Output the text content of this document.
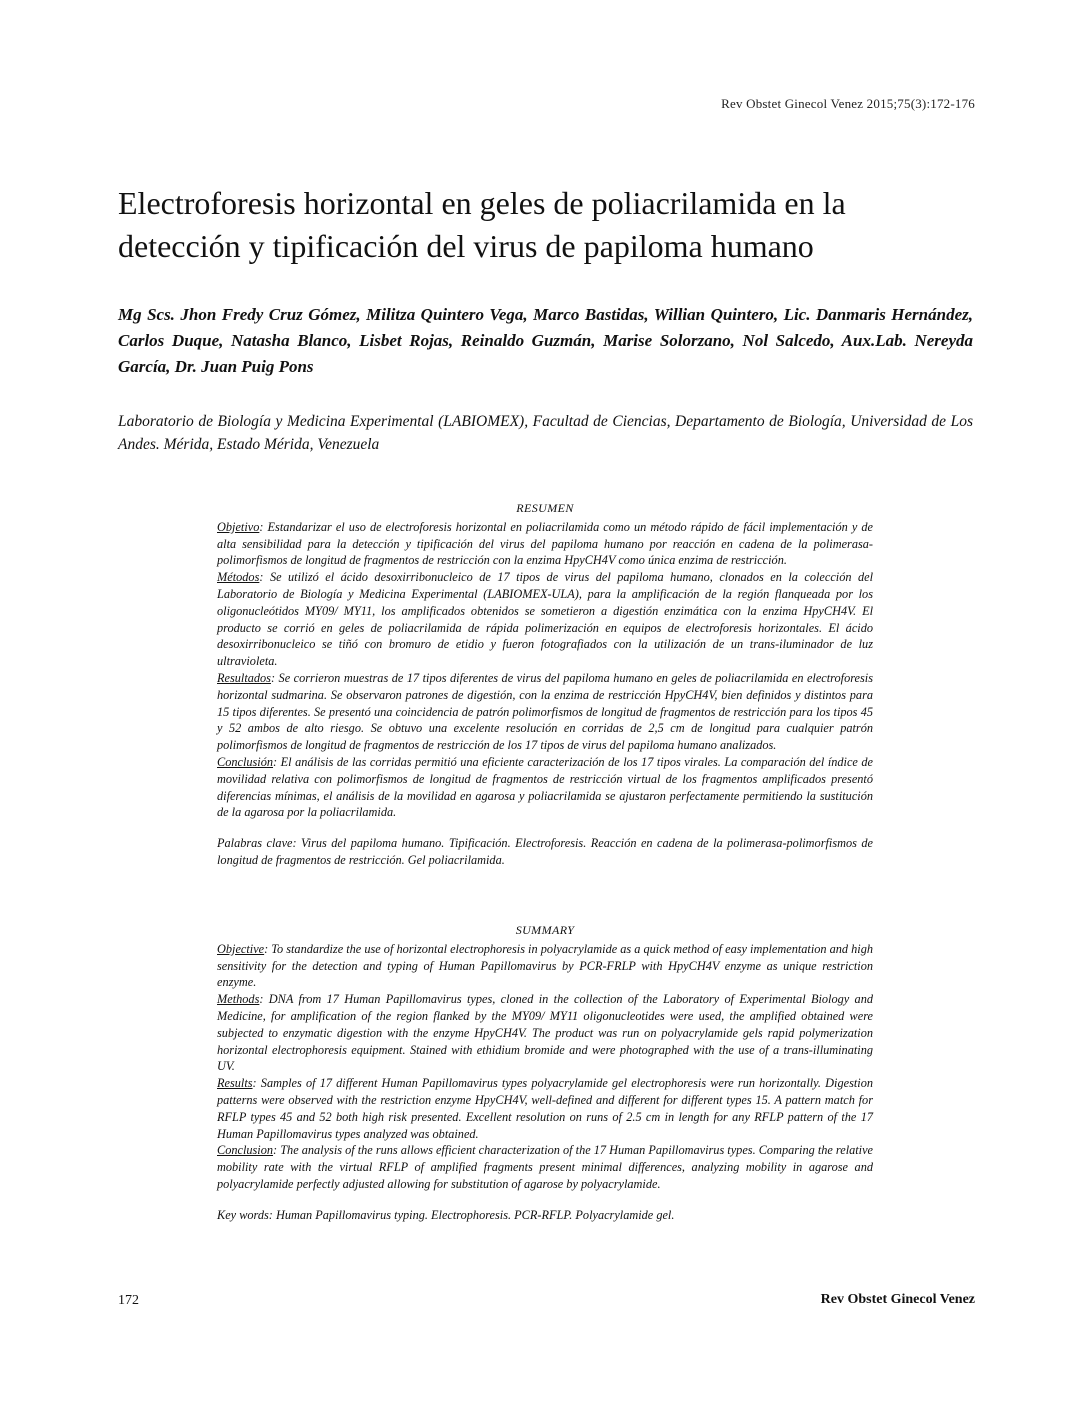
Rev Obstet Ginecol Venez 2015;75(3):172-176
Electroforesis horizontal en geles de poliacrilamida en la
detección y tipificación del virus de papiloma humano

Mg Scs. Jhon Fredy Cruz Gómez, Militza Quintero Vega, Marco Bastidas, Willian Quintero, Lic. Danmaris Hernández, Carlos Duque, Natasha Blanco, Lisbet Rojas, Reinaldo Guzmán, Marise Solorzano, Nol Salcedo, Aux.Lab. Nereyda García, Dr. Juan Puig Pons

Laboratorio de Biología y Medicina Experimental (LABIOMEX), Facultad de Ciencias, Departamento de Biología, Universidad de Los Andes. Mérida, Estado Mérida, Venezuela

RESUMEN

Objetivo: Estandarizar el uso de electroforesis horizontal en poliacrilamida como un método rápido de fácil implementación y de alta sensibilidad para la detección y tipificación del virus del papiloma humano por reacción en cadena de la polimerasa-polimorfismos de longitud de fragmentos de restricción con la enzima HpyCH4V como única enzima de restricción.

Métodos: Se utilizó el ácido desoxirribonucleico de 17 tipos de virus del papiloma humano, clonados en la colección del Laboratorio de Biología y Medicina Experimental (LABIOMEX-ULA), para la amplificación de la región flanqueada por los oligonucleótidos MY09/ MY11, los amplificados obtenidos se sometieron a digestión enzimática con la enzima HpyCH4V. El producto se corrió en geles de poliacrilamida de rápida polimerización en equipos de electroforesis horizontales. El ácido desoxirribonucleico se tiñó con bromuro de etidio y fueron fotografiados con la utilización de un trans-iluminador de luz ultravioleta.

Resultados: Se corrieron muestras de 17 tipos diferentes de virus del papiloma humano en geles de poliacrilamida en electroforesis horizontal sudmarina. Se observaron patrones de digestión, con la enzima de restricción HpyCH4V, bien definidos y distintos para 15 tipos diferentes. Se presentó una coincidencia de patrón polimorfismos de longitud de fragmentos de restricción para los tipos 45 y 52 ambos de alto riesgo. Se obtuvo una excelente resolución en corridas de 2,5 cm de longitud para cualquier patrón polimorfismos de longitud de fragmentos de restricción de los 17 tipos de virus del papiloma humano analizados.

Conclusión: El análisis de las corridas permitió una eficiente caracterización de los 17 tipos virales. La comparación del índice de movilidad relativa con polimorfismos de longitud de fragmentos de restricción virtual de los fragmentos amplificados presentó diferencias mínimas, el análisis de la movilidad en agarosa y poliacrilamida se ajustaron perfectamente permitiendo la sustitución de la agarosa por la poliacrilamida.

Palabras clave: Virus del papiloma humano. Tipificación. Electroforesis. Reacción en cadena de la polimerasa-polimorfismos de longitud de fragmentos de restricción. Gel poliacrilamida.

SUMMARY

Objective: To standardize the use of horizontal electrophoresis in polyacrylamide as a quick method of easy implementation and high sensitivity for the detection and typing of Human Papillomavirus by PCR-FRLP with HpyCH4V enzyme as unique restriction enzyme.

Methods: DNA from 17 Human Papillomavirus types, cloned in the collection of the Laboratory of Experimental Biology and Medicine, for amplification of the region flanked by the MY09/ MY11 oligonucleotides were used, the amplified obtained were subjected to enzymatic digestion with the enzyme HpyCH4V. The product was run on polyacrylamide gels rapid polymerization horizontal electrophoresis equipment. Stained with ethidium bromide and were photographed with the use of a trans-illuminating UV.

Results: Samples of 17 different Human Papillomavirus types polyacrylamide gel electrophoresis were run horizontally. Digestion patterns were observed with the restriction enzyme HpyCH4V, well-defined and different for different types 15. A pattern match for RFLP types 45 and 52 both high risk presented. Excellent resolution on runs of 2.5 cm in length for any RFLP pattern of the 17 Human Papillomavirus types analyzed was obtained.

Conclusion: The analysis of the runs allows efficient characterization of the 17 Human Papillomavirus types. Comparing the relative mobility rate with the virtual RFLP of amplified fragments present minimal differences, analyzing mobility in agarose and polyacrylamide perfectly adjusted allowing for substitution of agarose by polyacrylamide.

Key words: Human Papillomavirus typing. Electrophoresis. PCR-RFLP. Polyacrylamide gel.

172	Rev Obstet Ginecol Venez
